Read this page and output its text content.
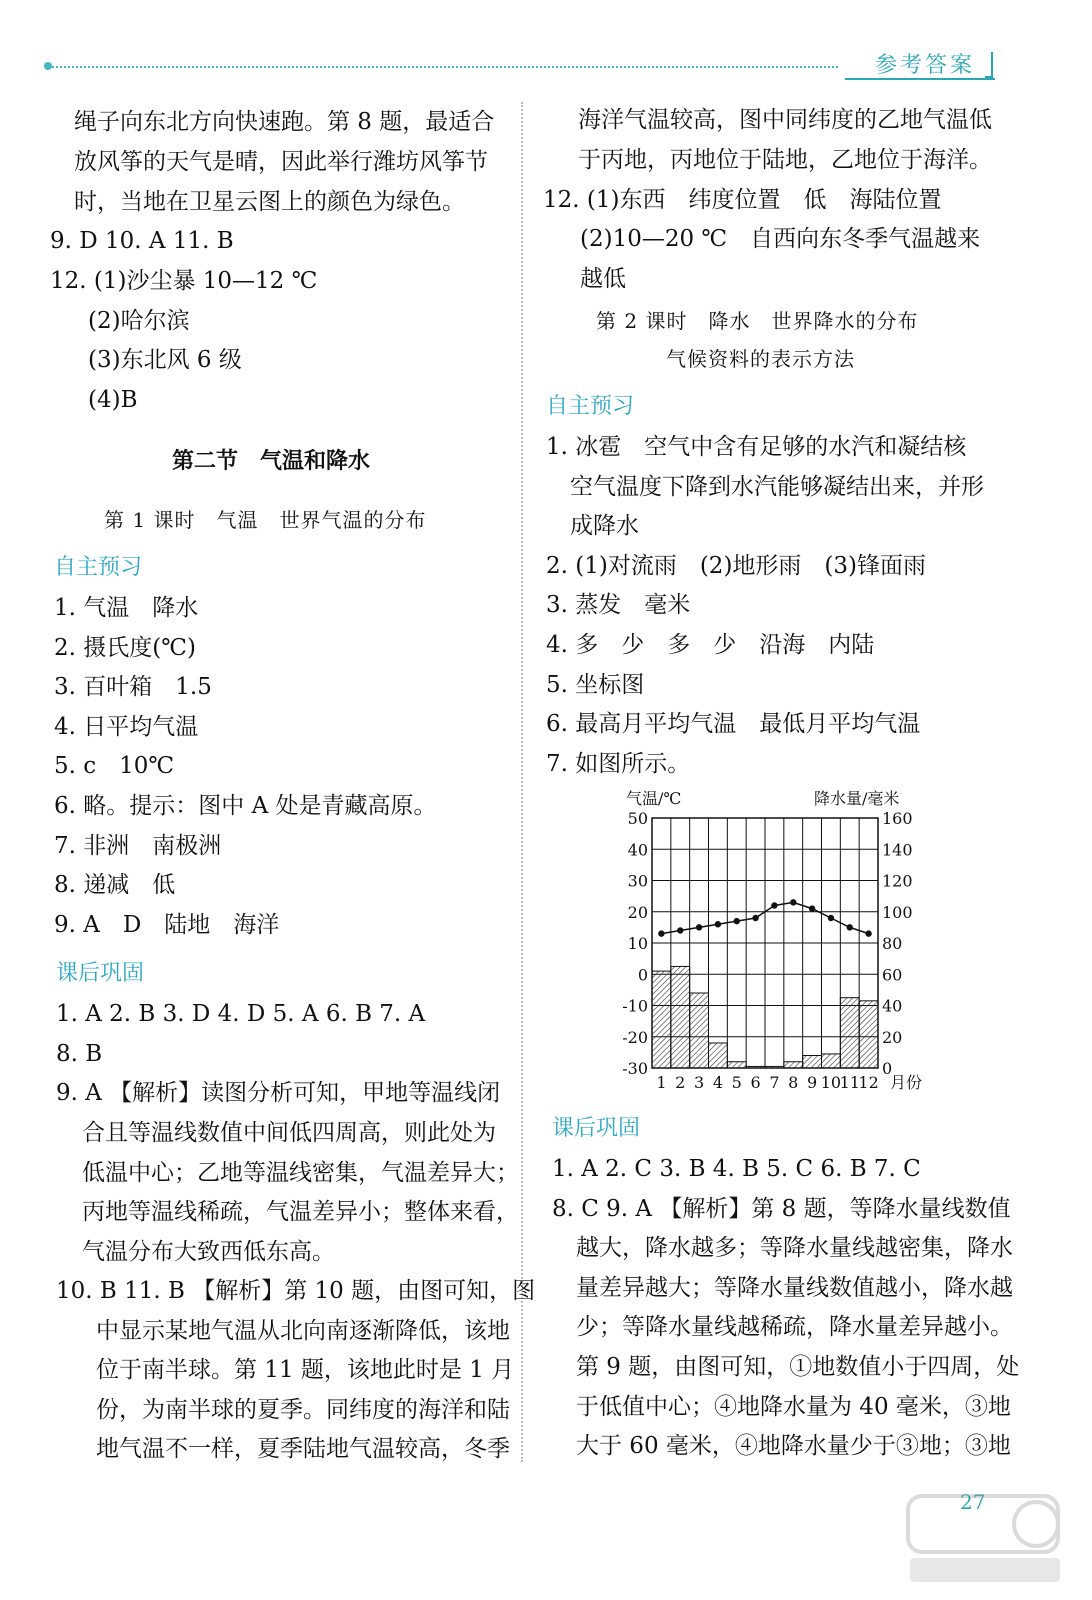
参考答案
绳子向东北方向快速跑。第 8 题，最适合
放风筝的天气是晴，因此举行潍坊风筝节
时，当地在卫星云图上的颜色为绿色。
9. D 10. A 11. B
12. (1)沙尘暴 10—12 ℃
(2)哈尔滨
(3)东北风 6 级
(4)B
第二节　气温和降水
第 1 课时　气温　世界气温的分布
自主预习
1. 气温　降水
2. 摄氏度(℃)
3. 百叶箱　1.5
4. 日平均气温
5. c　10℃
6. 略。提示：图中 A 处是青藏高原。
7. 非洲　南极洲
8. 递减　低
9. A　D　陆地　海洋
课后巩固
1. A 2. B 3. D 4. D 5. A 6. B 7. A
8. B
9. A 【解析】读图分析可知，甲地等温线闭
合且等温线数值中间低四周高，则此处为
低温中心；乙地等温线密集，气温差异大；
丙地等温线稀疏，气温差异小；整体来看，
气温分布大致西低东高。
10. B 11. B 【解析】第 10 题，由图可知，图
中显示某地气温从北向南逐渐降低，该地
位于南半球。第 11 题，该地此时是 1 月
份，为南半球的夏季。同纬度的海洋和陆
地气温不一样，夏季陆地气温较高，冬季
海洋气温较高，图中同纬度的乙地气温低
于丙地，丙地位于陆地，乙地位于海洋。
12. (1)东西　纬度位置　低　海陆位置
(2)10—20 ℃　自西向东冬季气温越来
越低
第 2 课时　降水　世界降水的分布
气候资料的表示方法
自主预习
1. 冰雹　空气中含有足够的水汽和凝结核
空气温度下降到水汽能够凝结出来，并形
成降水
2. (1)对流雨　(2)地形雨　(3)锋面雨
3. 蒸发　毫米
4. 多　少　多　少　沿海　内陆
5. 坐标图
6. 最高月平均气温　最低月平均气温
7. 如图所示。
50
40
30
20
10
0
-10
-20
-30
160
140
120
100
80
60
40
20
0
气温/℃	降水量/毫米
1 2 3 4 5 6 7 8 9 10
11
12 月份
课后巩固
1. A 2. C 3. B 4. B 5. C 6. B 7. C
8. C 9. A 【解析】第 8 题，等降水量线数值
越大，降水越多；等降水量线越密集，降水
量差异越大；等降水量线数值越小，降水越
少；等降水量线越稀疏，降水量差异越小。
第 9 题，由图可知，①地数值小于四周，处
于低值中心；④地降水量为 40 毫米，③地
大于 60 毫米，④地降水量少于③地；③地
27
